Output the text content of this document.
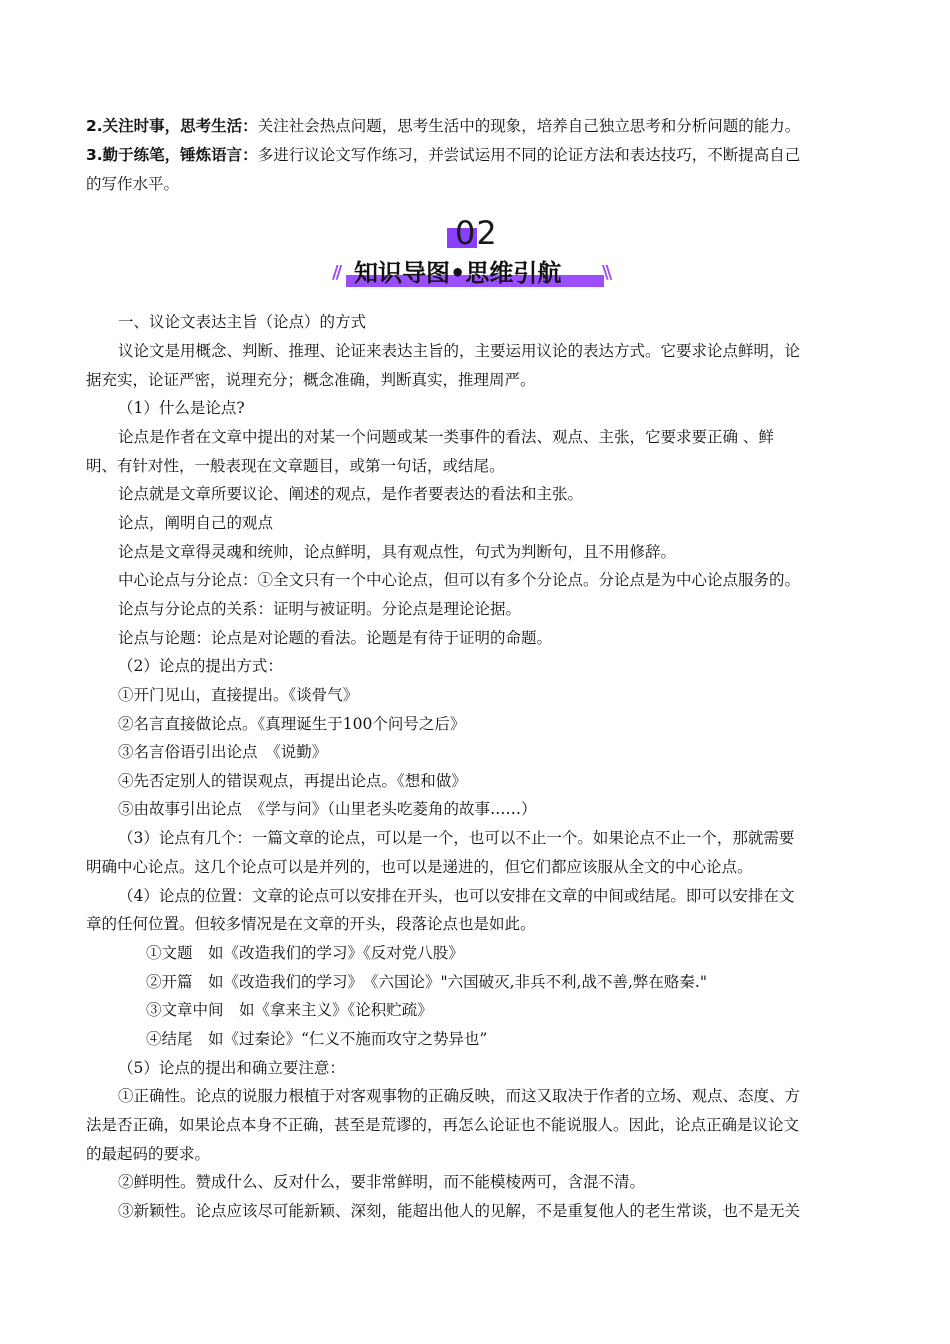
2.关注时事，思考生活：关注社会热点问题，思考生活中的现象，培养自己独立思考和分析问题的能力。
3.勤于练笔，锤炼语言：多进行议论文写作练习，并尝试运用不同的论证方法和表达技巧，不断提高自己
的写作水平。
02
// 知识导图•思维引航 \\
一、议论文表达主旨（论点）的方式
议论文是用概念、判断、推理、论证来表达主旨的，主要运用议论的表达方式。它要求论点鲜明，论
据充实，论证严密，说理充分；概念准确，判断真实，推理周严。
（1）什么是论点?
论点是作者在文章中提出的对某一个问题或某一类事件的看法、观点、主张，它要求要正确 、鲜
明、有针对性，一般表现在文章题目，或第一句话，或结尾。
论点就是文章所要议论、阐述的观点，是作者要表达的看法和主张。
论点，阐明自己的观点
论点是文章得灵魂和统帅，论点鲜明，具有观点性，句式为判断句，且不用修辞。
中心论点与分论点：①全文只有一个中心论点，但可以有多个分论点。分论点是为中心论点服务的。
论点与分论点的关系：证明与被证明。分论点是理论论据。
论点与论题：论点是对论题的看法。论题是有待于证明的命题。
（2）论点的提出方式：
①开门见山，直接提出。《谈骨气》
②名言直接做论点。《真理诞生于100个问号之后》
③名言俗语引出论点　《说勤》
④先否定别人的错误观点，再提出论点。《想和做》
⑤由故事引出论点　《学与问》（山里老头吃菱角的故事……）
（3）论点有几个：一篇文章的论点，可以是一个，也可以不止一个。如果论点不止一个，那就需要
明确中心论点。这几个论点可以是并列的，也可以是递进的，但它们都应该服从全文的中心论点。
（4）论点的位置：文章的论点可以安排在开头，也可以安排在文章的中间或结尾。即可以安排在文
章的任何位置。但较多情况是在文章的开头，段落论点也是如此。
①文题　如《改造我们的学习》《反对党八股》
②开篇　如《改造我们的学习》　《六国论》"六国破灭,非兵不利,战不善,弊在赂秦."
③文章中间　如《拿来主义》《论积贮疏》
④结尾　如《过秦论》“仁义不施而攻守之势异也”
（5）论点的提出和确立要注意：
①正确性。论点的说服力根植于对客观事物的正确反映，而这又取决于作者的立场、观点、态度、方
法是否正确，如果论点本身不正确，甚至是荒谬的，再怎么论证也不能说服人。因此，论点正确是议论文
的最起码的要求。
②鲜明性。赞成什么、反对什么，要非常鲜明，而不能模棱两可，含混不清。
③新颖性。论点应该尽可能新颖、深刻，能超出他人的见解，不是重复他人的老生常谈，也不是无关
